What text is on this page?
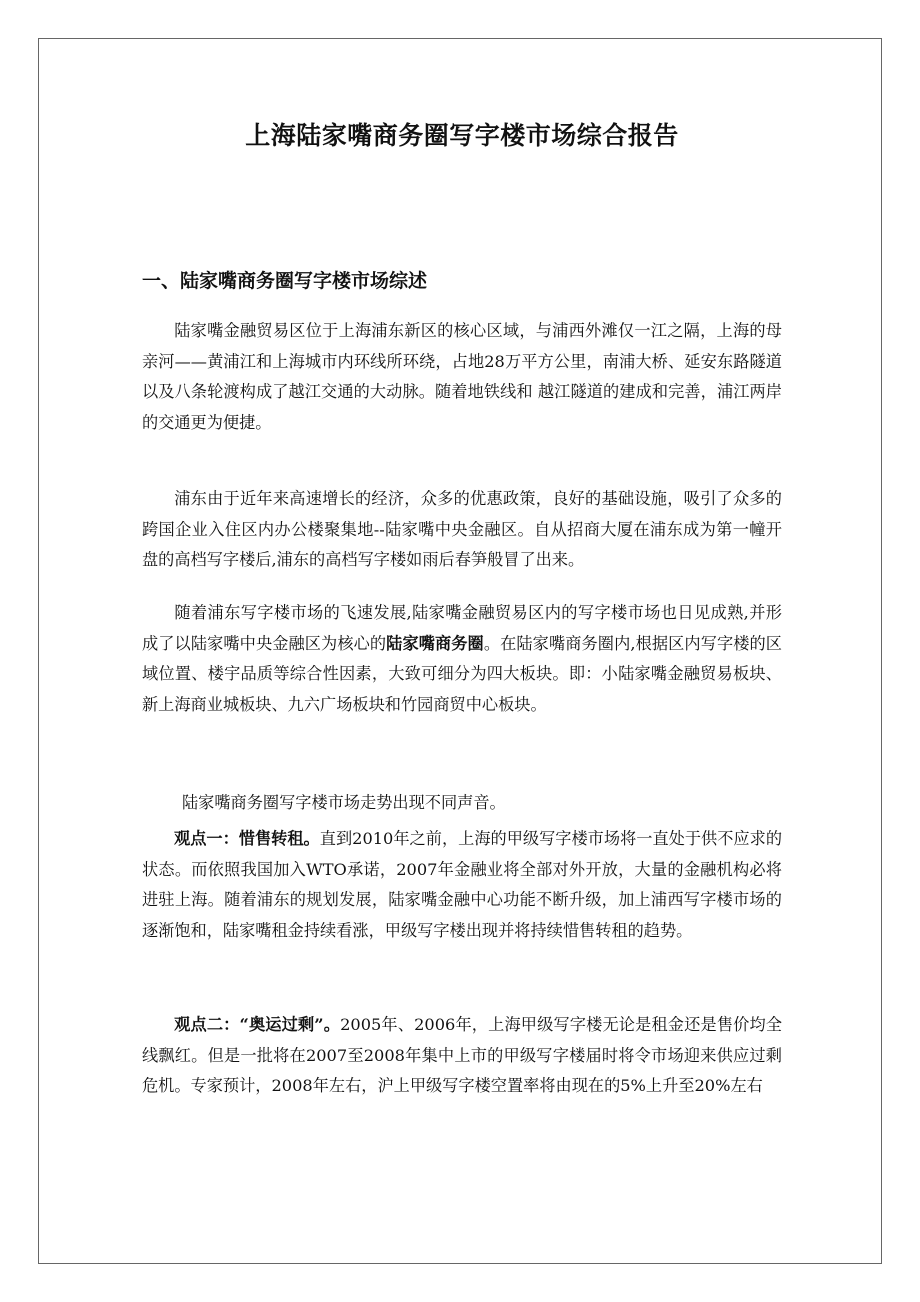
上海陆家嘴商务圈写字楼市场综合报告
一、陆家嘴商务圈写字楼市场综述

陆家嘴金融贸易区位于上海浦东新区的核心区域，与浦西外滩仅一江之隔，上海的母亲河——黄浦江和上海城市内环线所环绕，占地28万平方公里，南浦大桥、延安东路隧道以及八条轮渡构成了越江交通的大动脉。随着地铁线和 越江隧道的建成和完善，浦江两岸的交通更为便捷。

浦东由于近年来高速增长的经济，众多的优惠政策，良好的基础设施，吸引了众多的跨国企业入住区内办公楼聚集地--陆家嘴中央金融区。自从招商大厦在浦东成为第一幢开盘的高档写字楼后,浦东的高档写字楼如雨后春笋般冒了出来。

随着浦东写字楼市场的飞速发展,陆家嘴金融贸易区内的写字楼市场也日见成熟,并形成了以陆家嘴中央金融区为核心的陆家嘴商务圈。在陆家嘴商务圈内,根据区内写字楼的区域位置、楼宇品质等综合性因素，大致可细分为四大板块。即：小陆家嘴金融贸易板块、新上海商业城板块、九六广场板块和竹园商贸中心板块。

陆家嘴商务圈写字楼市场走势出现不同声音。

观点一：惜售转租。直到2010年之前，上海的甲级写字楼市场将一直处于供不应求的状态。而依照我国加入WTO承诺，2007年金融业将全部对外开放，大量的金融机构必将进驻上海。随着浦东的规划发展，陆家嘴金融中心功能不断升级，加上浦西写字楼市场的逐渐饱和，陆家嘴租金持续看涨，甲级写字楼出现并将持续惜售转租的趋势。

观点二：“奥运过剩”。2005年、2006年，上海甲级写字楼无论是租金还是售价均全线飘红。但是一批将在2007至2008年集中上市的甲级写字楼届时将令市场迎来供应过剩危机。专家预计，2008年左右，沪上甲级写字楼空置率将由现在的5%上升至20%左右
